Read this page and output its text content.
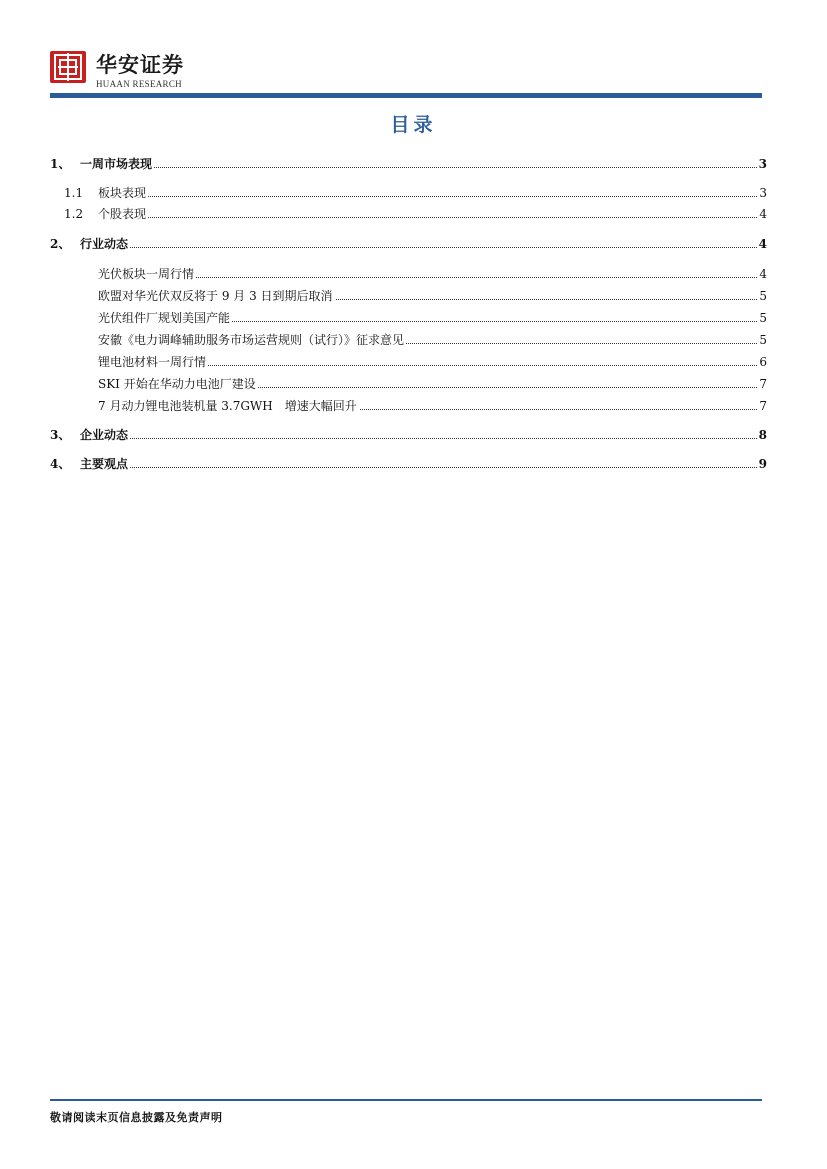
华安证券
HUAAN RESEARCH
目录
1、 一周市场表现	3
1.1 板块表现	3
1.2 个股表现	4
2、 行业动态	4
光伏板块一周行情	4
欧盟对华光伏双反将于 9 月 3 日到期后取消	5
光伏组件厂规划美国产能	5
安徽《电力调峰辅助服务市场运营规则（试行）》征求意见	5
锂电池材料一周行情	6
SKI 开始在华动力电池厂建设	7
7 月动力锂电池装机量 3.7GWH　增速大幅回升	7
3、 企业动态	8
4、 主要观点	9
敬请阅读末页信息披露及免责声明
